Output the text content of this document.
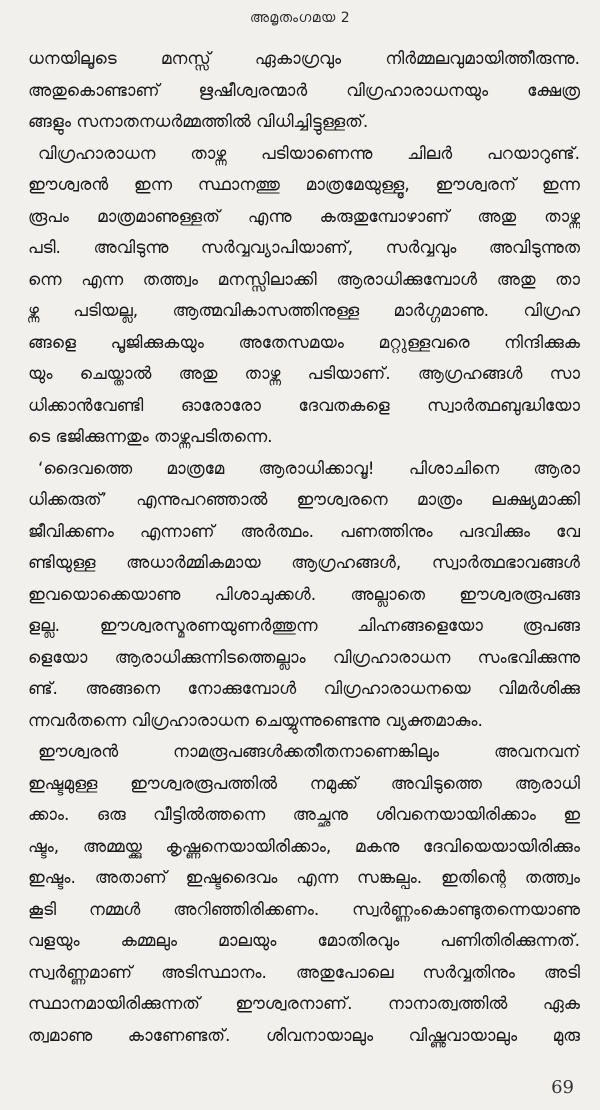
അമൃതംഗമയ 2
ധനയിലൂടെ മനസ്സ് ഏകാഗ്രവും നിർമ്മലവുമായിത്തീരുന്നു.
അതുകൊണ്ടാണ് ഋഷീശ്വരന്മാർ വിഗ്രഹാരാധനയും ക്ഷേത്ര
ങ്ങളും സനാതനധർമ്മത്തിൽ വിധിച്ചിട്ടുള്ളത്.
വിഗ്രഹാരാധന താഴ്ന്ന പടിയാണെന്നു ചിലർ പറയാറുണ്ട്.
ഈശ്വരൻ ഇന്ന സ്ഥാനത്തു മാത്രമേയുള്ളൂ, ഈശ്വരന് ഇന്ന
രൂപം മാത്രമാണുള്ളത് എന്നു കരുതുമ്പോഴാണ് അതു താഴ്ന്ന
പടി. അവിടുന്നു സർവ്വവ്യാപിയാണ്, സർവ്വവും അവിടുന്നുത
ന്നെ എന്ന തത്ത്വം മനസ്സിലാക്കി ആരാധിക്കുമ്പോൾ അതു താ
ഴ്ന്ന പടിയല്ല, ആത്മവികാസത്തിനുള്ള മാർഗ്ഗമാണു. വിഗ്രഹ
ങ്ങളെ പൂജിക്കുകയും അതേസമയം മറ്റുള്ളവരെ നിന്ദിക്കുക
യും ചെയ്താൽ അതു താഴ്ന്ന പടിയാണ്. ആഗ്രഹങ്ങൾ സാ
ധിക്കാൻവേണ്ടി ഓരോരോ ദേവതകളെ സ്വാർത്ഥബുദ്ധിയോ
ടെ ഭജിക്കുന്നതും താഴ്ന്നപടിതന്നെ.
‘ദൈവത്തെ മാത്രമേ ആരാധിക്കാവൂ! പിശാചിനെ ആരാ
ധിക്കരുത്’ എന്നുപറഞ്ഞാൽ ഈശ്വരനെ മാത്രം ലക്ഷ്യമാക്കി
ജീവിക്കണം എന്നാണ് അർത്ഥം. പണത്തിനും പദവിക്കും വേ
ണ്ടിയുള്ള അധാർമ്മികമായ ആഗ്രഹങ്ങൾ, സ്വാർത്ഥഭാവങ്ങൾ
ഇവയൊക്കെയാണു പിശാചുക്കൾ. അല്ലാതെ ഈശ്വരരൂപങ്ങ
ളല്ല. ഈശ്വരസ്മരണയുണർത്തുന്ന ചിഹ്നങ്ങളെയോ രൂപങ്ങ
ളെയോ ആരാധിക്കുന്നിടത്തെല്ലാം വിഗ്രഹാരാധന സംഭവിക്കുന്നു
ണ്ട്. അങ്ങനെ നോക്കുമ്പോൾ വിഗ്രഹാരാധനയെ വിമർശിക്കു
ന്നവർതന്നെ വിഗ്രഹാരാധന ചെയ്യുന്നുണ്ടെന്നു വ്യക്തമാകും.
ഈശ്വരൻ നാമരൂപങ്ങൾക്കതീതനാണെങ്കിലും അവനവന്
ഇഷ്ടമുള്ള ഈശ്വരരൂപത്തിൽ നമുക്ക് അവിടുത്തെ ആരാധി
ക്കാം. ഒരു വീട്ടിൽത്തന്നെ അച്ഛനു ശിവനെയായിരിക്കാം ഇ
ഷ്ടം, അമ്മയ്ക്കു കൃഷ്ണനെയായിരിക്കാം, മകനു ദേവിയെയായിരിക്കും
ഇഷ്ടം. അതാണ് ഇഷ്ടദൈവം എന്ന സങ്കല്പം. ഇതിന്റെ തത്ത്വം
കൂടി നമ്മൾ അറിഞ്ഞിരിക്കണം. സ്വർണ്ണംകൊണ്ടുതന്നെയാണു
വളയും കമ്മലും മാലയും മോതിരവും പണിതിരിക്കുന്നത്.
സ്വർണ്ണമാണ് അടിസ്ഥാനം. അതുപോലെ സർവ്വതിനും അടി
സ്ഥാനമായിരിക്കുന്നത് ഈശ്വരനാണ്. നാനാത്വത്തിൽ ഏക
ത്വമാണു കാണേണ്ടത്. ശിവനായാലും വിഷ്ണുവായാലും മുരു
69
